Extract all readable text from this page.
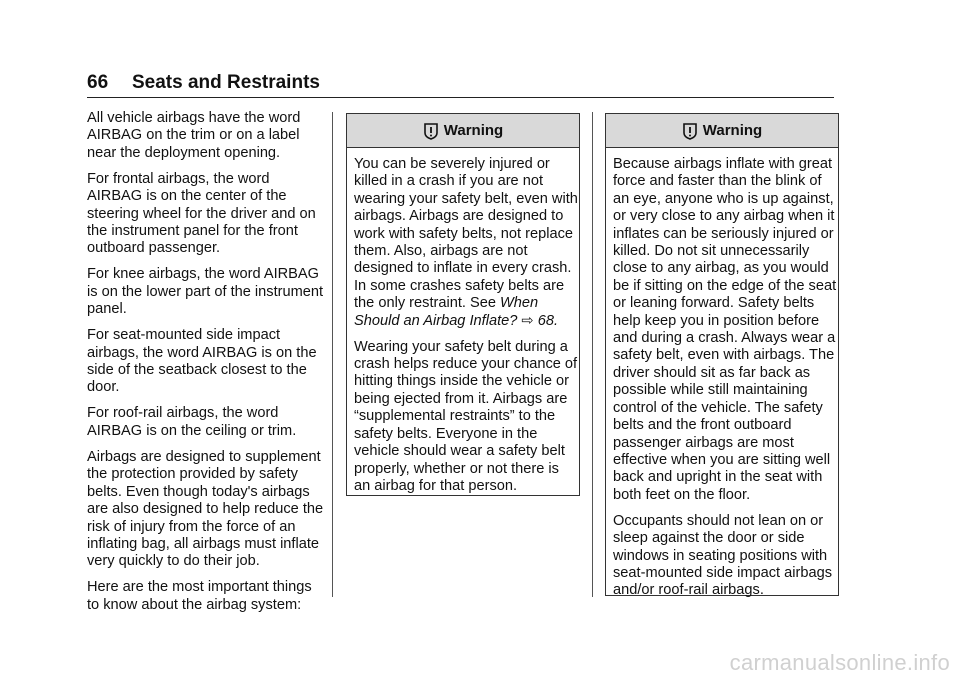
66 Seats and Restraints

All vehicle airbags have the word AIRBAG on the trim or on a label near the deployment opening.

For frontal airbags, the word AIRBAG is on the center of the steering wheel for the driver and on the instrument panel for the front outboard passenger.

For knee airbags, the word AIRBAG is on the lower part of the instrument panel.

For seat-mounted side impact airbags, the word AIRBAG is on the side of the seatback closest to the door.

For roof-rail airbags, the word AIRBAG is on the ceiling or trim.

Airbags are designed to supplement the protection provided by safety belts. Even though today's airbags are also designed to help reduce the risk of injury from the force of an inflating bag, all airbags must inflate very quickly to do their job.

Here are the most important things to know about the airbag system:

Warning

You can be severely injured or killed in a crash if you are not wearing your safety belt, even with airbags. Airbags are designed to work with safety belts, not replace them. Also, airbags are not designed to inflate in every crash. In some crashes safety belts are the only restraint. See When Should an Airbag Inflate? ⇨ 68.

Wearing your safety belt during a crash helps reduce your chance of hitting things inside the vehicle or being ejected from it. Airbags are “supplemental restraints” to the safety belts. Everyone in the vehicle should wear a safety belt properly, whether or not there is an airbag for that person.

Warning

Because airbags inflate with great force and faster than the blink of an eye, anyone who is up against, or very close to any airbag when it inflates can be seriously injured or killed. Do not sit unnecessarily close to any airbag, as you would be if sitting on the edge of the seat or leaning forward. Safety belts help keep you in position before and during a crash. Always wear a safety belt, even with airbags. The driver should sit as far back as possible while still maintaining control of the vehicle. The safety belts and the front outboard passenger airbags are most effective when you are sitting well back and upright in the seat with both feet on the floor.

Occupants should not lean on or sleep against the door or side windows in seating positions with seat-mounted side impact airbags and/or roof-rail airbags.

carmanualsonline.info
